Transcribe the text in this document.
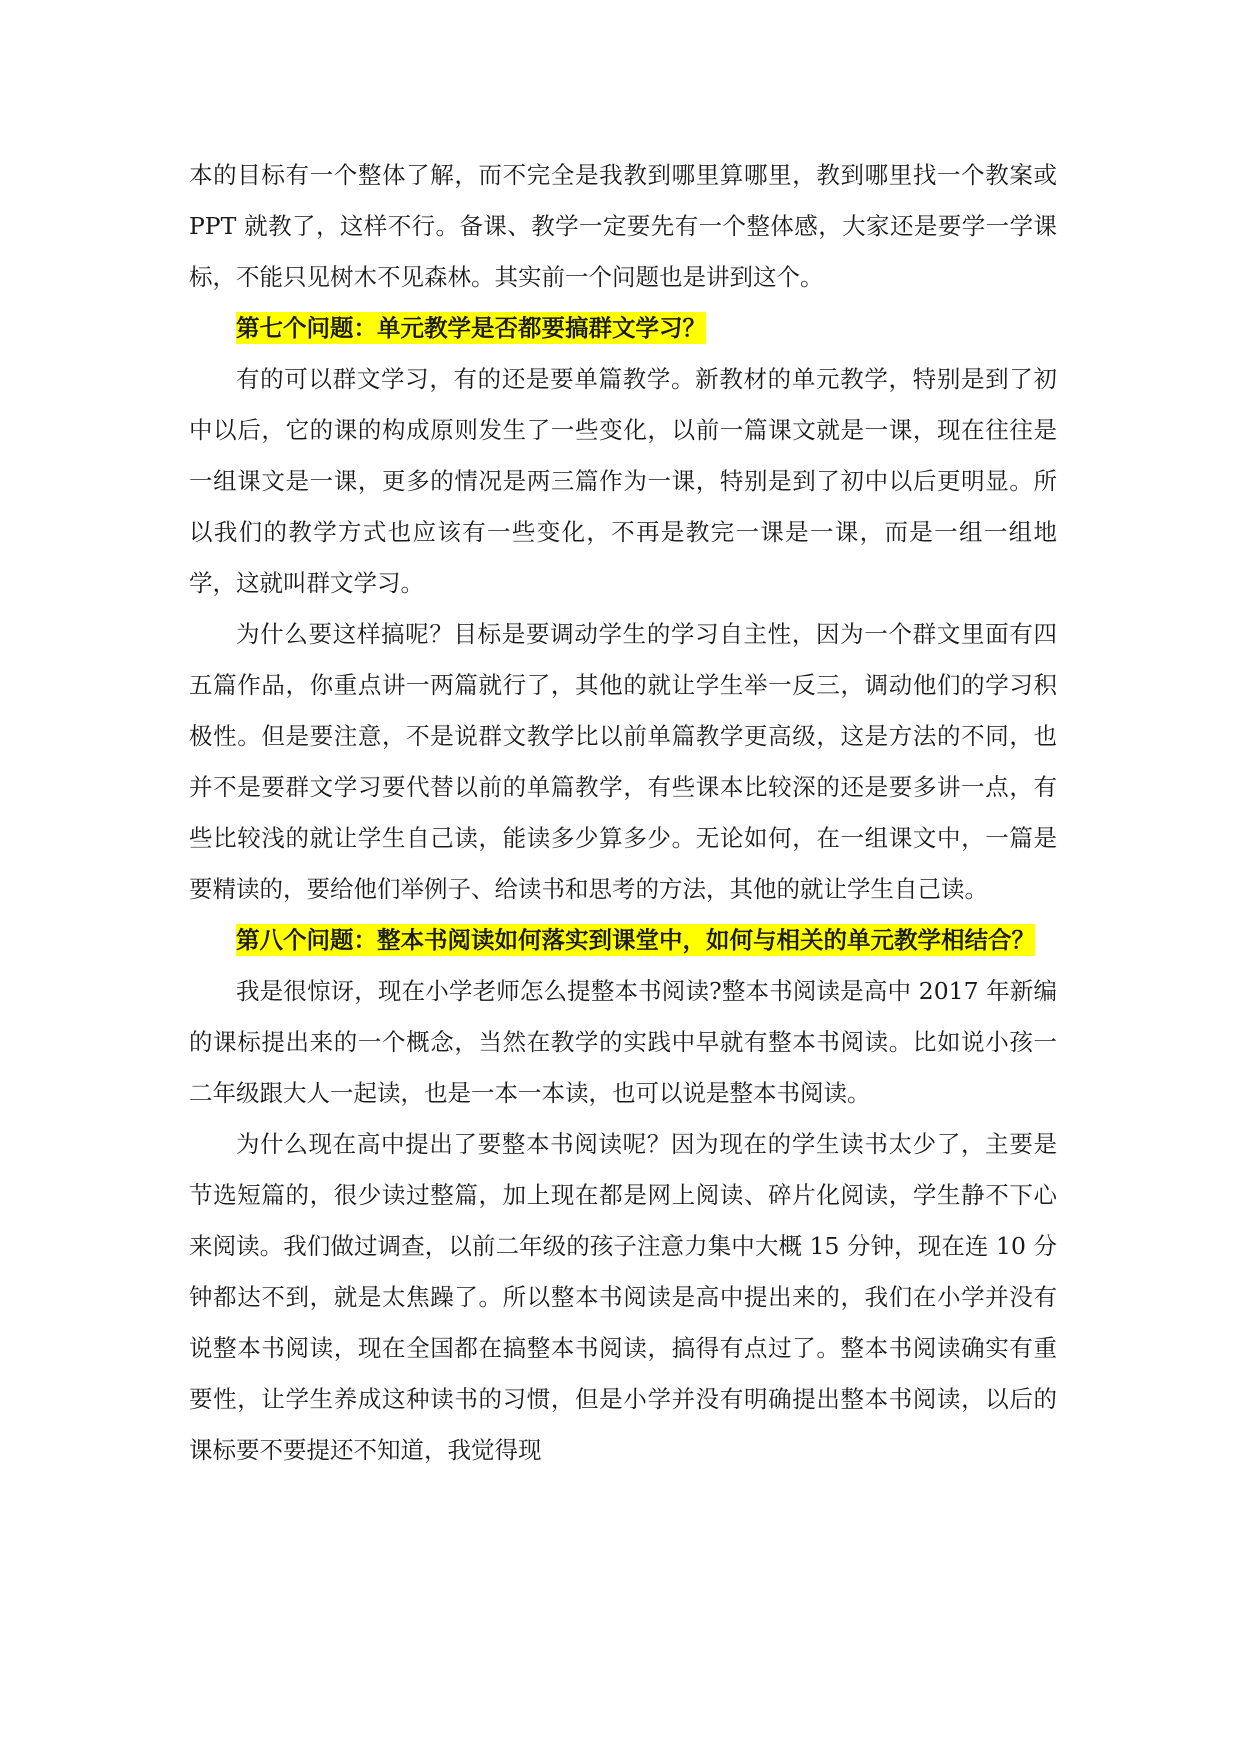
本的目标有一个整体了解，而不完全是我教到哪里算哪里，教到哪里找一个教案或 PPT 就教了，这样不行。备课、教学一定要先有一个整体感，大家还是要学一学课标，不能只见树木不见森林。其实前一个问题也是讲到这个。

第七个问题：单元教学是否都要搞群文学习？

有的可以群文学习，有的还是要单篇教学。新教材的单元教学，特别是到了初中以后，它的课的构成原则发生了一些变化，以前一篇课文就是一课，现在往往是一组课文是一课，更多的情况是两三篇作为一课，特别是到了初中以后更明显。所以我们的教学方式也应该有一些变化，不再是教完一课是一课，而是一组一组地学，这就叫群文学习。

为什么要这样搞呢？目标是要调动学生的学习自主性，因为一个群文里面有四五篇作品，你重点讲一两篇就行了，其他的就让学生举一反三，调动他们的学习积极性。但是要注意，不是说群文教学比以前单篇教学更高级，这是方法的不同，也并不是要群文学习要代替以前的单篇教学，有些课本比较深的还是要多讲一点，有些比较浅的就让学生自己读，能读多少算多少。无论如何，在一组课文中，一篇是要精读的，要给他们举例子、给读书和思考的方法，其他的就让学生自己读。

第八个问题：整本书阅读如何落实到课堂中，如何与相关的单元教学相结合？

我是很惊讶，现在小学老师怎么提整本书阅读?整本书阅读是高中 2017 年新编的课标提出来的一个概念，当然在教学的实践中早就有整本书阅读。比如说小孩一二年级跟大人一起读，也是一本一本读，也可以说是整本书阅读。

为什么现在高中提出了要整本书阅读呢？因为现在的学生读书太少了，主要是节选短篇的，很少读过整篇，加上现在都是网上阅读、碎片化阅读，学生静不下心来阅读。我们做过调查，以前二年级的孩子注意力集中大概 15 分钟，现在连 10 分钟都达不到，就是太焦躁了。所以整本书阅读是高中提出来的，我们在小学并没有说整本书阅读，现在全国都在搞整本书阅读，搞得有点过了。整本书阅读确实有重要性，让学生养成这种读书的习惯，但是小学并没有明确提出整本书阅读，以后的课标要不要提还不知道，我觉得现
